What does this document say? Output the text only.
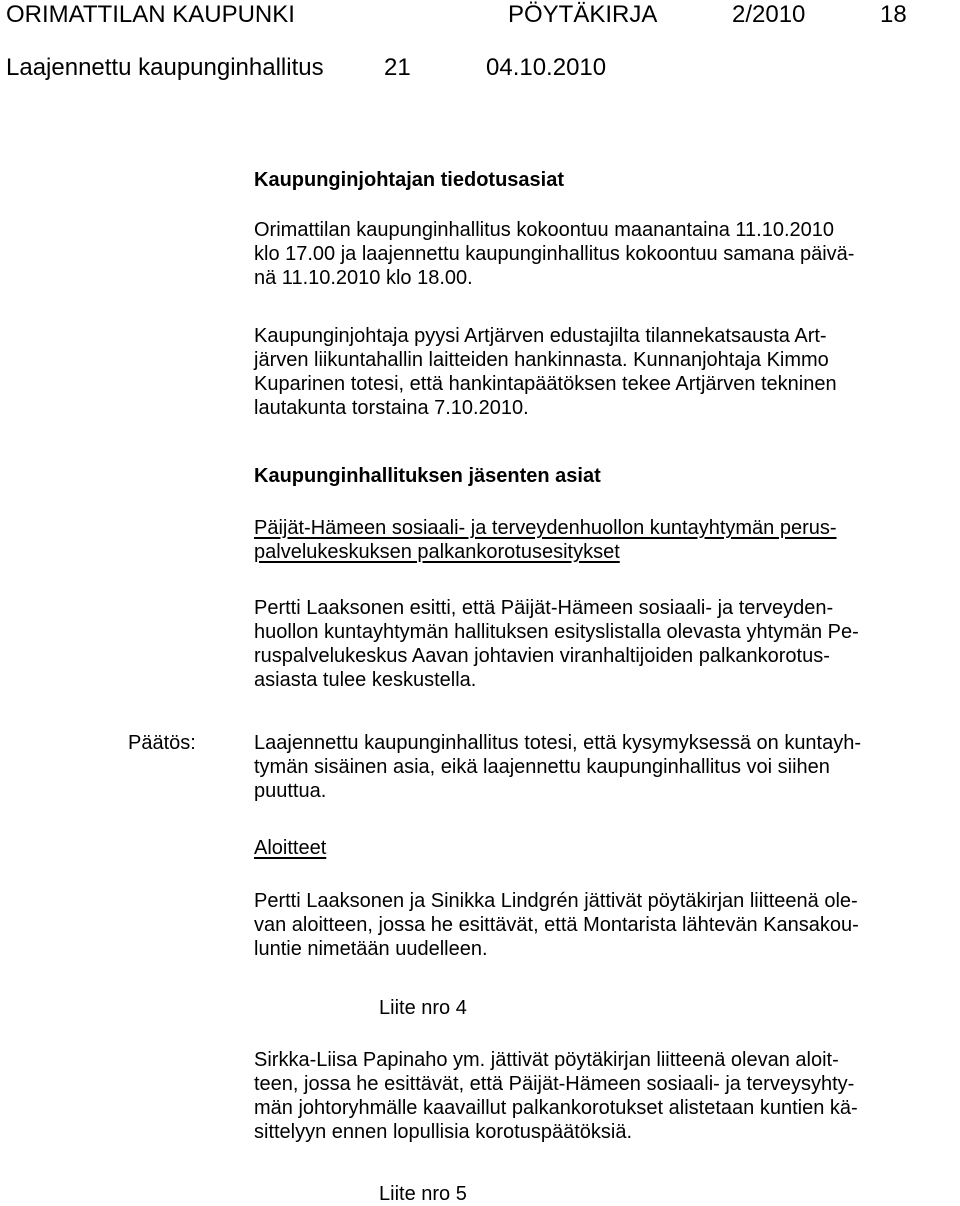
ORIMATTILAN KAUPUNKI	PÖYTÄKIRJA	2/2010	18
Laajennettu kaupunginhallitus	21	04.10.2010
Kaupunginjohtajan tiedotusasiat
Orimattilan kaupunginhallitus kokoontuu maanantaina 11.10.2010
klo 17.00 ja laajennettu kaupunginhallitus kokoontuu samana päivä-
nä 11.10.2010 klo 18.00.
Kaupunginjohtaja pyysi Artjärven edustajilta tilannekatsausta Art-
järven liikuntahallin laitteiden hankinnasta. Kunnanjohtaja Kimmo
Kuparinen totesi, että hankintapäätöksen tekee Artjärven tekninen
lautakunta torstaina 7.10.2010.
Kaupunginhallituksen jäsenten asiat
Päijät-Hämeen sosiaali- ja terveydenhuollon kuntayhtymän perus-
palvelukeskuksen palkankorotusesitykset
Pertti Laaksonen esitti, että Päijät-Hämeen sosiaali- ja terveyden-
huollon kuntayhtymän hallituksen esityslistalla olevasta yhtymän Pe-
ruspalvelukeskus Aavan johtavien viranhaltijoiden palkankorotus-
asiasta tulee keskustella.
Päätös:	Laajennettu kaupunginhallitus totesi, että kysymyksessä on kuntayh-
tymän sisäinen asia, eikä laajennettu kaupunginhallitus voi siihen
puuttua.
Aloitteet
Pertti Laaksonen ja Sinikka Lindgrén jättivät pöytäkirjan liitteenä ole-
van aloitteen, jossa he esittävät, että Montarista lähtevän Kansakou-
luntie nimetään uudelleen.
Liite nro 4
Sirkka-Liisa Papinaho ym. jättivät pöytäkirjan liitteenä olevan aloit-
teen, jossa he esittävät, että Päijät-Hämeen sosiaali- ja terveysyhty-
män johtoryhmälle kaavaillut palkankorotukset alistetaan kuntien kä-
sittelyyn ennen lopullisia korotuspäätöksiä.
Liite nro 5
